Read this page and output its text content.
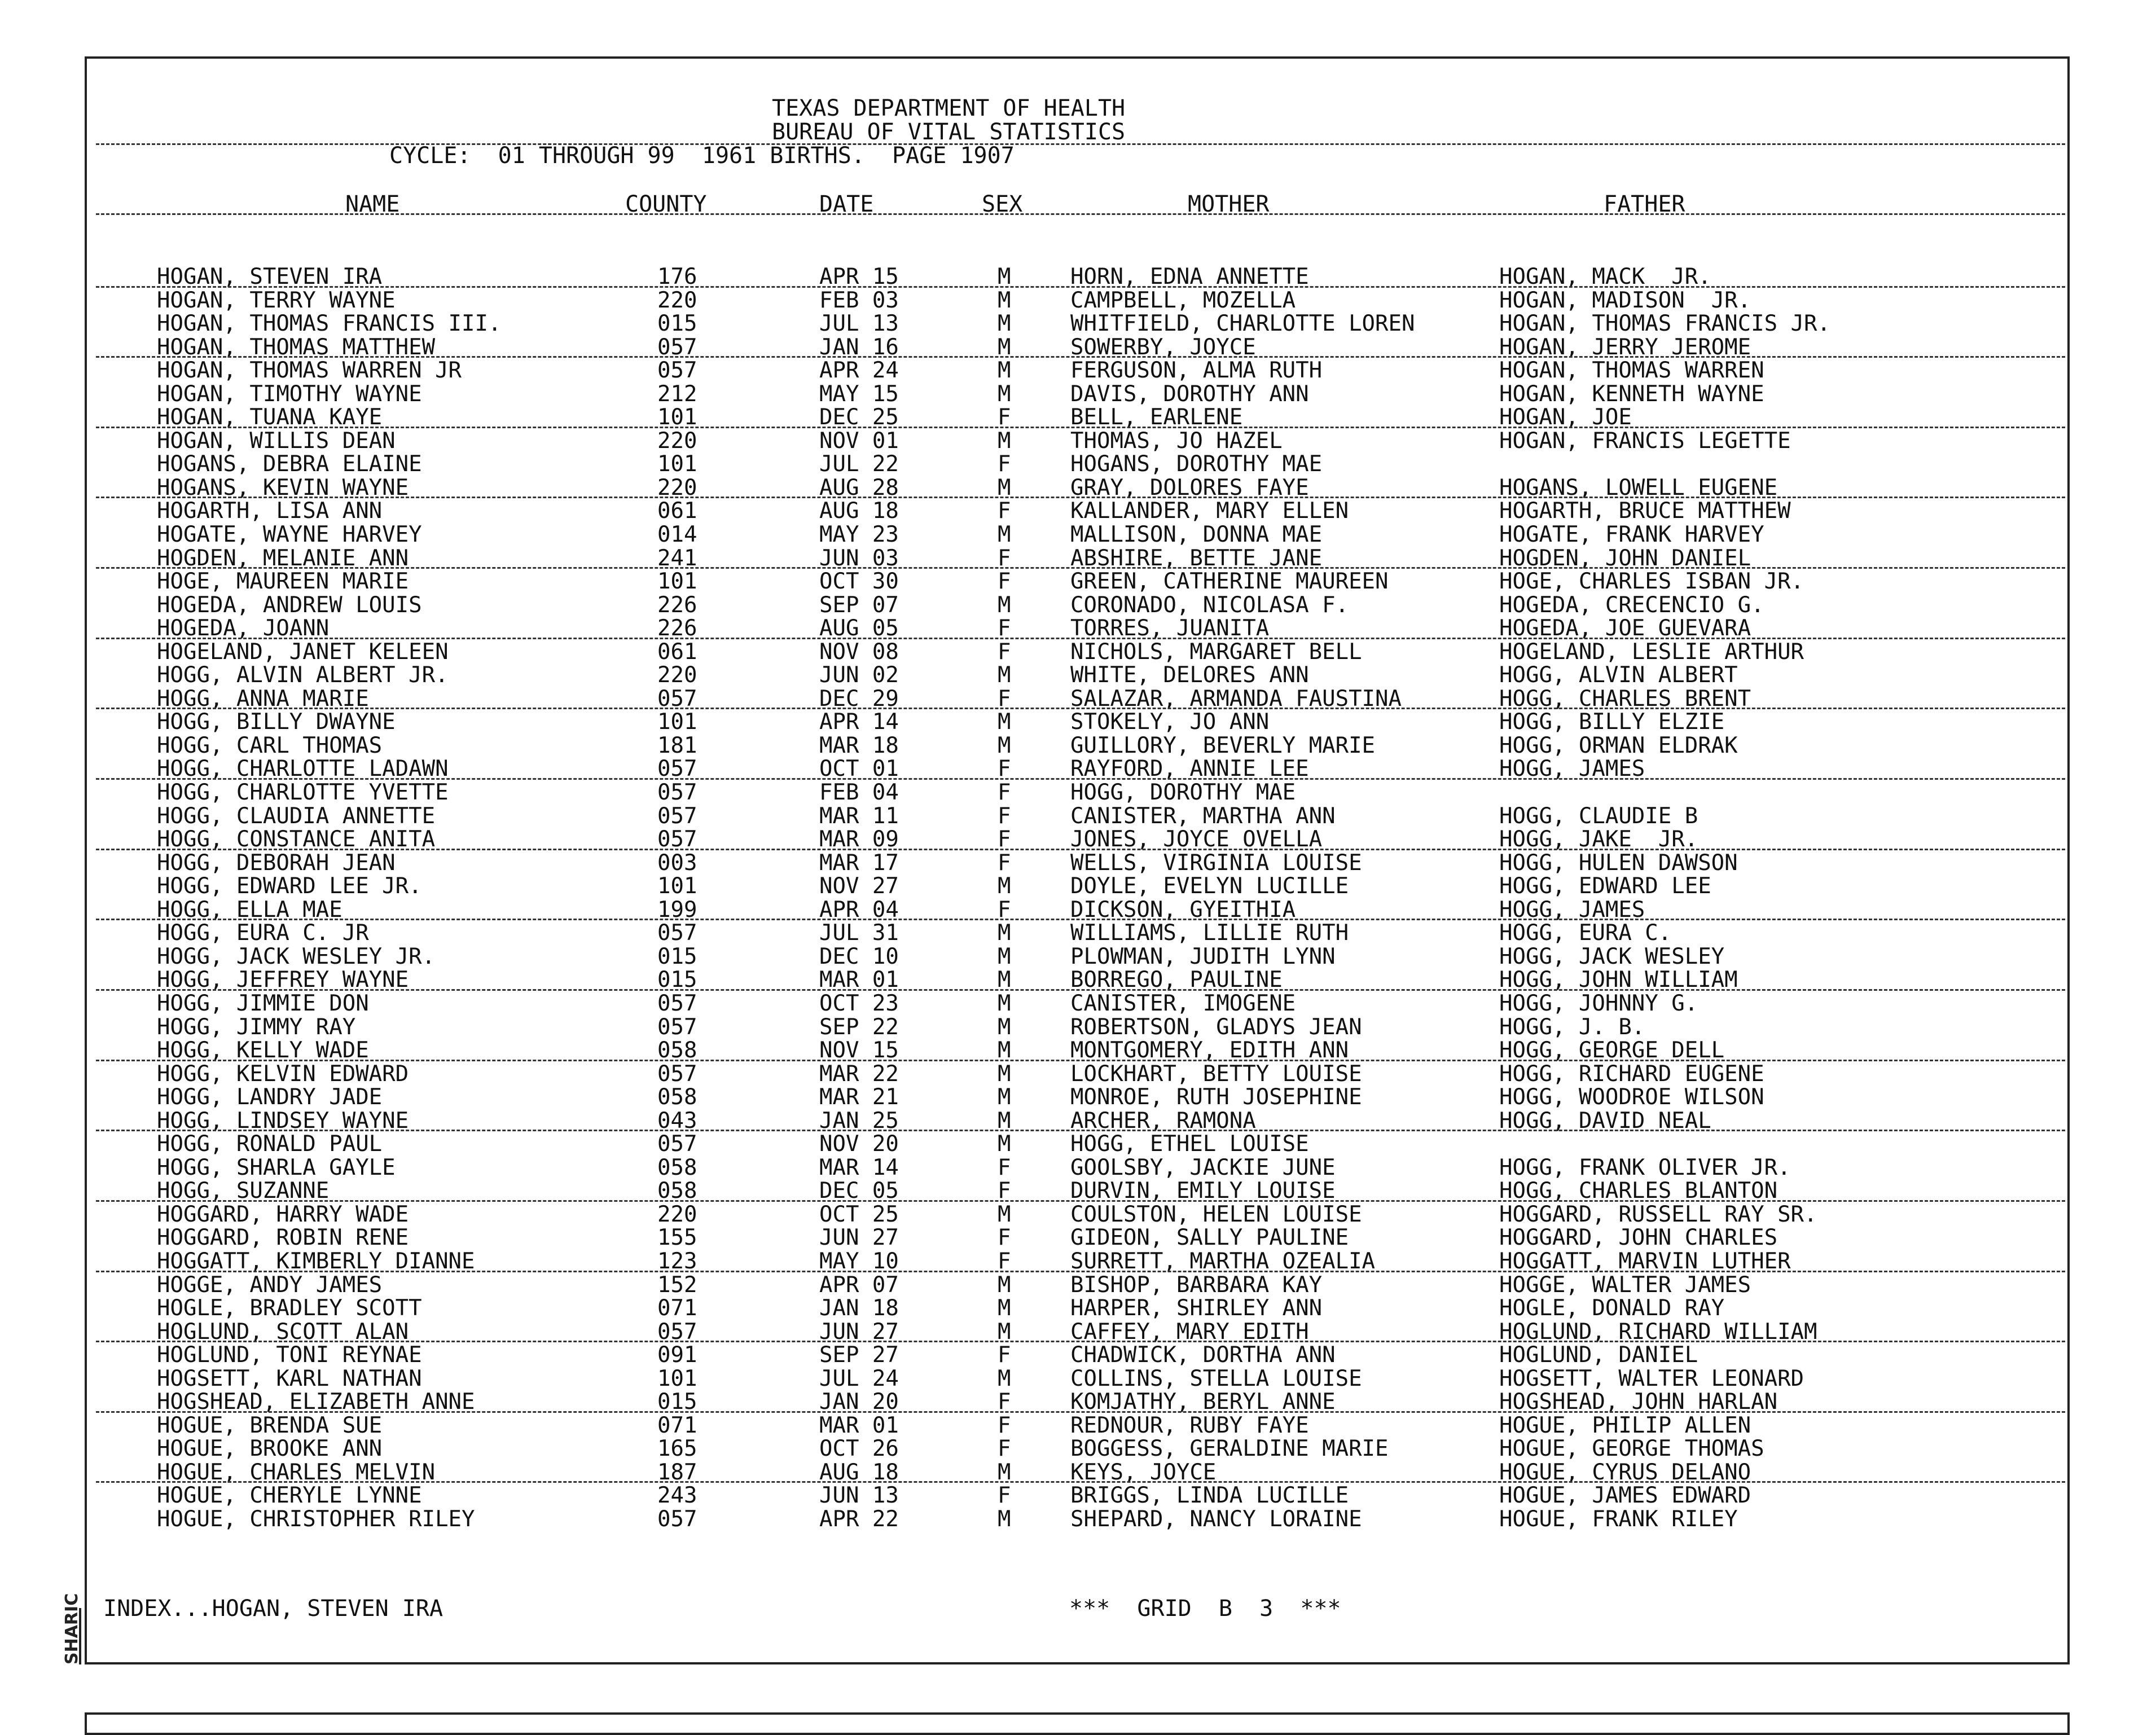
SHARIC
TEXAS DEPARTMENT OF HEALTH
BUREAU OF VITAL STATISTICS
CYCLE:  01 THROUGH 99  1961 BIRTHS.  PAGE 1907
NAME	COUNTY	DATE	SEX	MOTHER	FATHER
HOGAN, STEVEN IRA	176	APR 15	M	HORN, EDNA ANNETTE	HOGAN, MACK  JR.
HOGAN, TERRY WAYNE	220	FEB 03	M	CAMPBELL, MOZELLA	HOGAN, MADISON  JR.
HOGAN, THOMAS FRANCIS III.	015	JUL 13	M	WHITFIELD, CHARLOTTE LOREN	HOGAN, THOMAS FRANCIS JR.
HOGAN, THOMAS MATTHEW	057	JAN 16	M	SOWERBY, JOYCE	HOGAN, JERRY JEROME
HOGAN, THOMAS WARREN JR	057	APR 24	M	FERGUSON, ALMA RUTH	HOGAN, THOMAS WARREN
HOGAN, TIMOTHY WAYNE	212	MAY 15	M	DAVIS, DOROTHY ANN	HOGAN, KENNETH WAYNE
HOGAN, TUANA KAYE	101	DEC 25	F	BELL, EARLENE	HOGAN, JOE
HOGAN, WILLIS DEAN	220	NOV 01	M	THOMAS, JO HAZEL	HOGAN, FRANCIS LEGETTE
HOGANS, DEBRA ELAINE	101	JUL 22	F	HOGANS, DOROTHY MAE
HOGANS, KEVIN WAYNE	220	AUG 28	M	GRAY, DOLORES FAYE	HOGANS, LOWELL EUGENE
HOGARTH, LISA ANN	061	AUG 18	F	KALLANDER, MARY ELLEN	HOGARTH, BRUCE MATTHEW
HOGATE, WAYNE HARVEY	014	MAY 23	M	MALLISON, DONNA MAE	HOGATE, FRANK HARVEY
HOGDEN, MELANIE ANN	241	JUN 03	F	ABSHIRE, BETTE JANE	HOGDEN, JOHN DANIEL
HOGE, MAUREEN MARIE	101	OCT 30	F	GREEN, CATHERINE MAUREEN	HOGE, CHARLES ISBAN JR.
HOGEDA, ANDREW LOUIS	226	SEP 07	M	CORONADO, NICOLASA F.	HOGEDA, CRECENCIO G.
HOGEDA, JOANN	226	AUG 05	F	TORRES, JUANITA	HOGEDA, JOE GUEVARA
HOGELAND, JANET KELEEN	061	NOV 08	F	NICHOLS, MARGARET BELL	HOGELAND, LESLIE ARTHUR
HOGG, ALVIN ALBERT JR.	220	JUN 02	M	WHITE, DELORES ANN	HOGG, ALVIN ALBERT
HOGG, ANNA MARIE	057	DEC 29	F	SALAZAR, ARMANDA FAUSTINA	HOGG, CHARLES BRENT
HOGG, BILLY DWAYNE	101	APR 14	M	STOKELY, JO ANN	HOGG, BILLY ELZIE
HOGG, CARL THOMAS	181	MAR 18	M	GUILLORY, BEVERLY MARIE	HOGG, ORMAN ELDRAK
HOGG, CHARLOTTE LADAWN	057	OCT 01	F	RAYFORD, ANNIE LEE	HOGG, JAMES
HOGG, CHARLOTTE YVETTE	057	FEB 04	F	HOGG, DOROTHY MAE
HOGG, CLAUDIA ANNETTE	057	MAR 11	F	CANISTER, MARTHA ANN	HOGG, CLAUDIE B
HOGG, CONSTANCE ANITA	057	MAR 09	F	JONES, JOYCE OVELLA	HOGG, JAKE  JR.
HOGG, DEBORAH JEAN	003	MAR 17	F	WELLS, VIRGINIA LOUISE	HOGG, HULEN DAWSON
HOGG, EDWARD LEE JR.	101	NOV 27	M	DOYLE, EVELYN LUCILLE	HOGG, EDWARD LEE
HOGG, ELLA MAE	199	APR 04	F	DICKSON, GYEITHIA	HOGG, JAMES
HOGG, EURA C. JR	057	JUL 31	M	WILLIAMS, LILLIE RUTH	HOGG, EURA C.
HOGG, JACK WESLEY JR.	015	DEC 10	M	PLOWMAN, JUDITH LYNN	HOGG, JACK WESLEY
HOGG, JEFFREY WAYNE	015	MAR 01	M	BORREGO, PAULINE	HOGG, JOHN WILLIAM
HOGG, JIMMIE DON	057	OCT 23	M	CANISTER, IMOGENE	HOGG, JOHNNY G.
HOGG, JIMMY RAY	057	SEP 22	M	ROBERTSON, GLADYS JEAN	HOGG, J. B.
HOGG, KELLY WADE	058	NOV 15	M	MONTGOMERY, EDITH ANN	HOGG, GEORGE DELL
HOGG, KELVIN EDWARD	057	MAR 22	M	LOCKHART, BETTY LOUISE	HOGG, RICHARD EUGENE
HOGG, LANDRY JADE	058	MAR 21	M	MONROE, RUTH JOSEPHINE	HOGG, WOODROE WILSON
HOGG, LINDSEY WAYNE	043	JAN 25	M	ARCHER, RAMONA	HOGG, DAVID NEAL
HOGG, RONALD PAUL	057	NOV 20	M	HOGG, ETHEL LOUISE
HOGG, SHARLA GAYLE	058	MAR 14	F	GOOLSBY, JACKIE JUNE	HOGG, FRANK OLIVER JR.
HOGG, SUZANNE	058	DEC 05	F	DURVIN, EMILY LOUISE	HOGG, CHARLES BLANTON
HOGGARD, HARRY WADE	220	OCT 25	M	COULSTON, HELEN LOUISE	HOGGARD, RUSSELL RAY SR.
HOGGARD, ROBIN RENE	155	JUN 27	F	GIDEON, SALLY PAULINE	HOGGARD, JOHN CHARLES
HOGGATT, KIMBERLY DIANNE	123	MAY 10	F	SURRETT, MARTHA OZEALIA	HOGGATT, MARVIN LUTHER
HOGGE, ANDY JAMES	152	APR 07	M	BISHOP, BARBARA KAY	HOGGE, WALTER JAMES
HOGLE, BRADLEY SCOTT	071	JAN 18	M	HARPER, SHIRLEY ANN	HOGLE, DONALD RAY
HOGLUND, SCOTT ALAN	057	JUN 27	M	CAFFEY, MARY EDITH	HOGLUND, RICHARD WILLIAM
HOGLUND, TONI REYNAE	091	SEP 27	F	CHADWICK, DORTHA ANN	HOGLUND, DANIEL
HOGSETT, KARL NATHAN	101	JUL 24	M	COLLINS, STELLA LOUISE	HOGSETT, WALTER LEONARD
HOGSHEAD, ELIZABETH ANNE	015	JAN 20	F	KOMJATHY, BERYL ANNE	HOGSHEAD, JOHN HARLAN
HOGUE, BRENDA SUE	071	MAR 01	F	REDNOUR, RUBY FAYE	HOGUE, PHILIP ALLEN
HOGUE, BROOKE ANN	165	OCT 26	F	BOGGESS, GERALDINE MARIE	HOGUE, GEORGE THOMAS
HOGUE, CHARLES MELVIN	187	AUG 18	M	KEYS, JOYCE	HOGUE, CYRUS DELANO
HOGUE, CHERYLE LYNNE	243	JUN 13	F	BRIGGS, LINDA LUCILLE	HOGUE, JAMES EDWARD
HOGUE, CHRISTOPHER RILEY	057	APR 22	M	SHEPARD, NANCY LORAINE	HOGUE, FRANK RILEY
INDEX...HOGAN, STEVEN IRA	***  GRID  B  3  ***
